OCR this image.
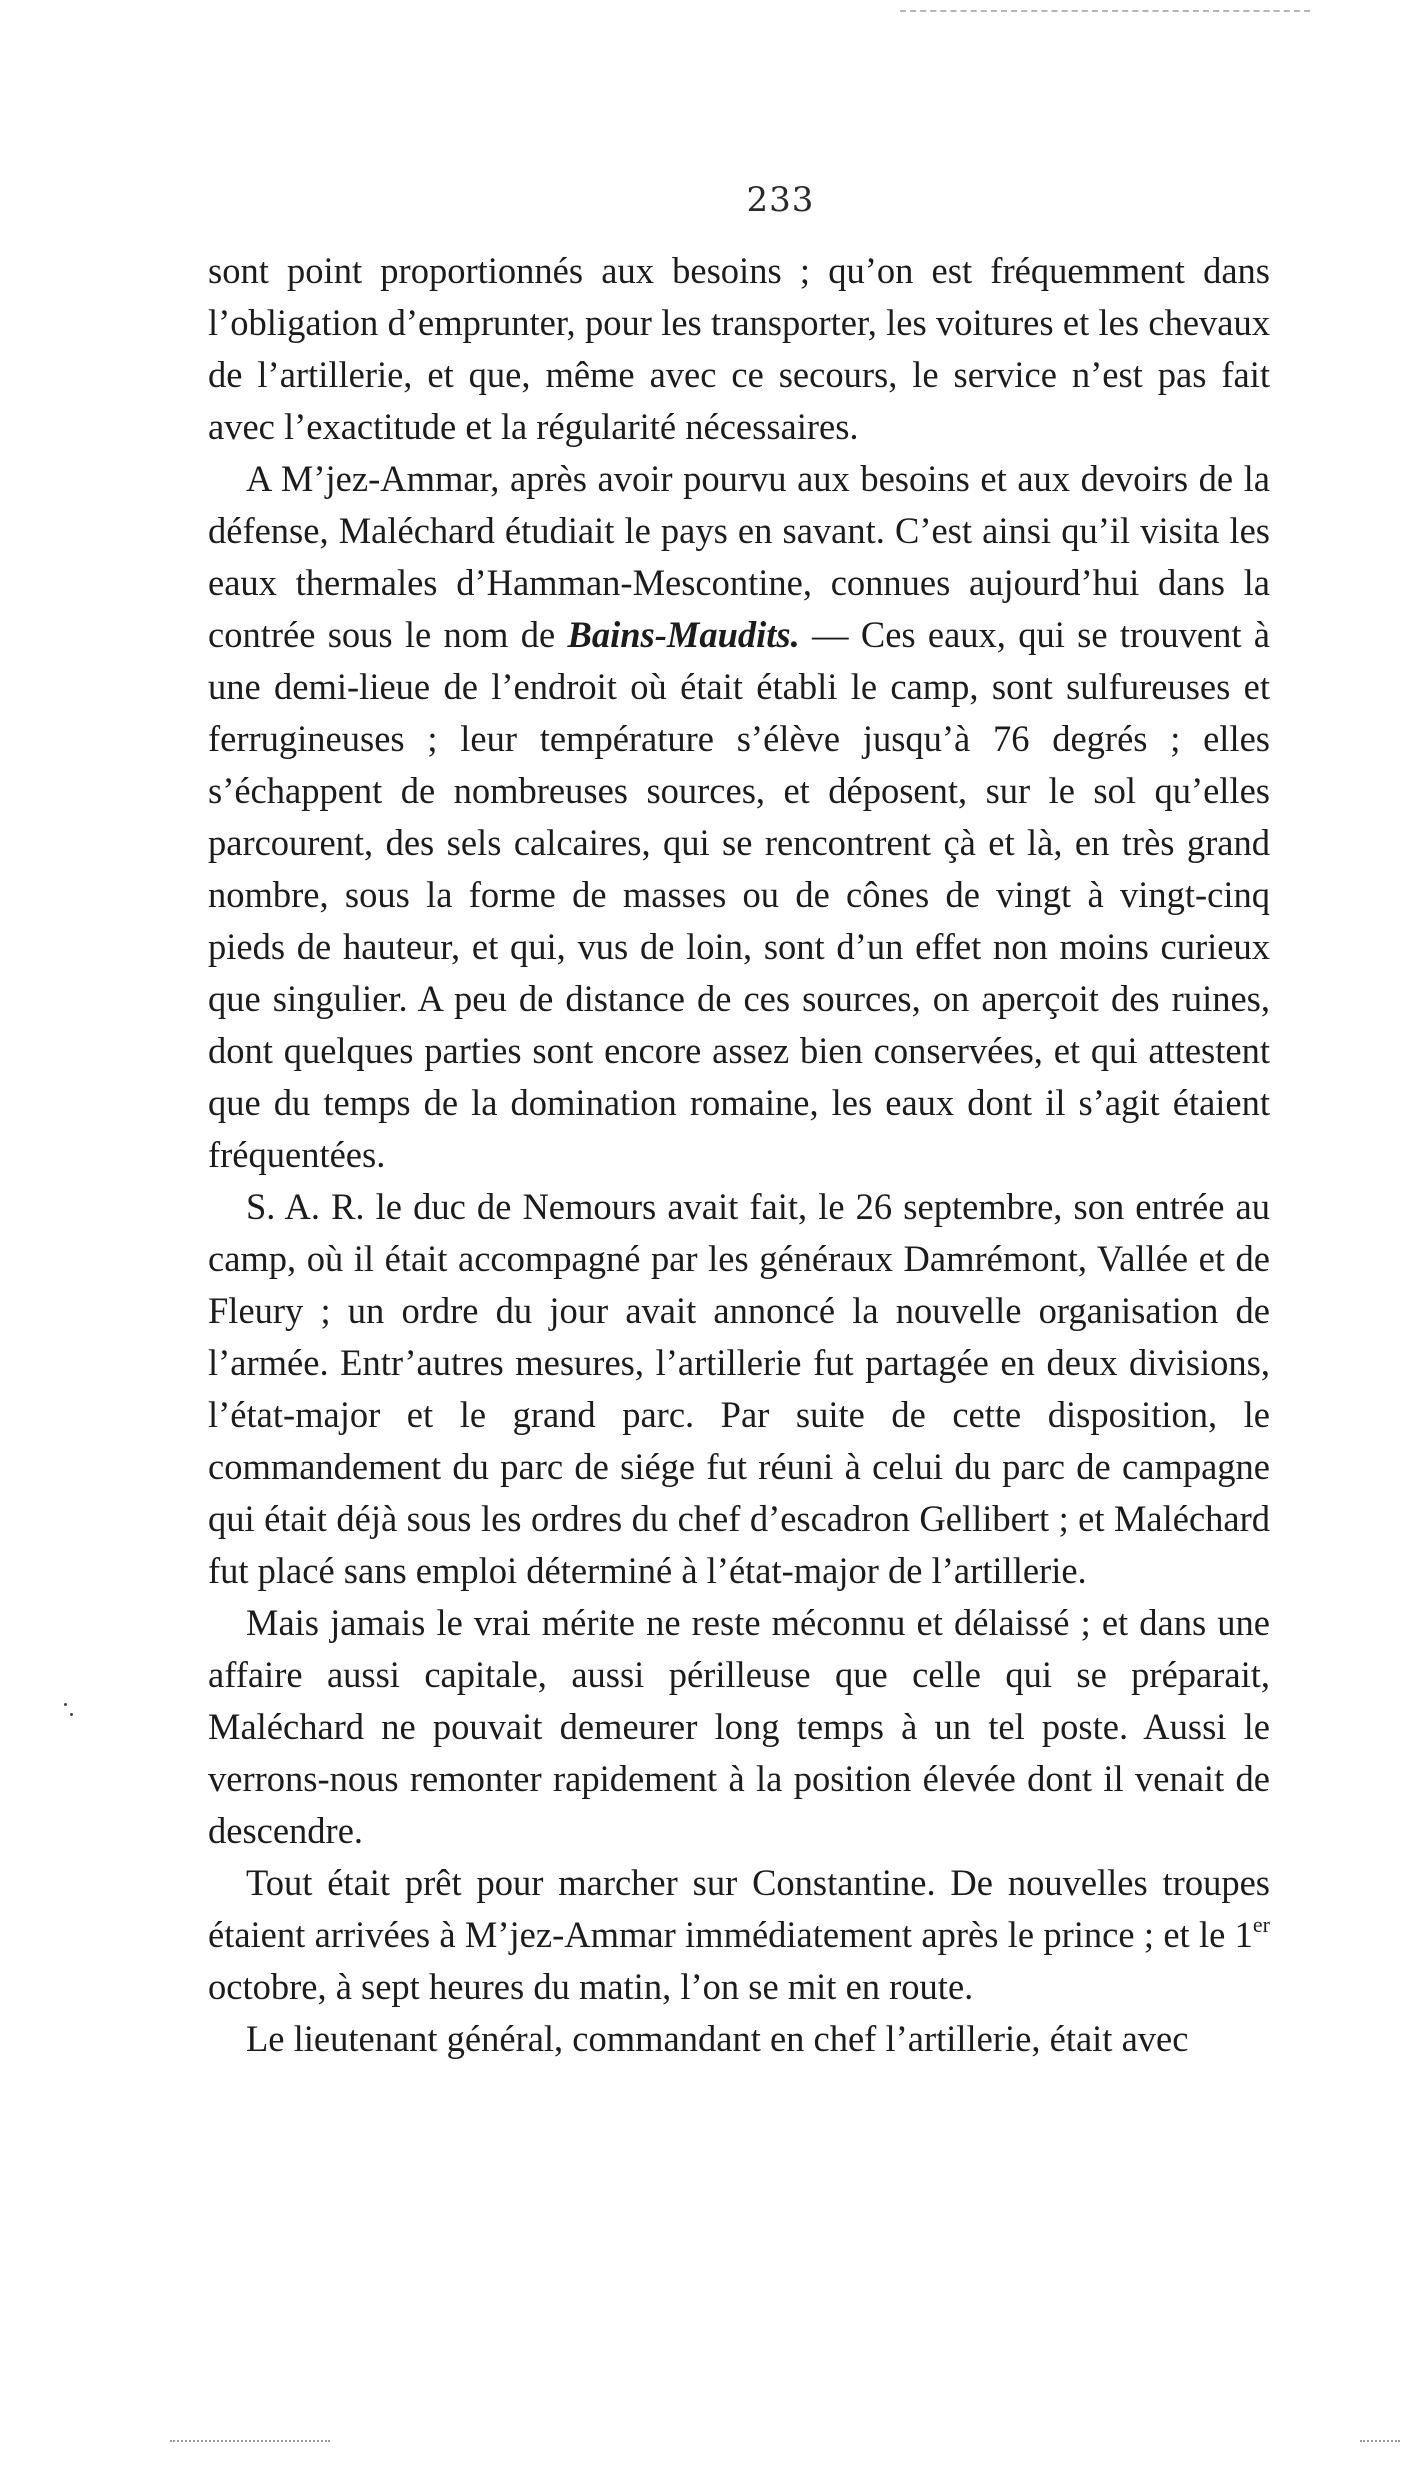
233

sont point proportionnés aux besoins ; qu’on est fréquemment dans l’obligation d’emprunter, pour les transporter, les voitures et les chevaux de l’artillerie, et que, même avec ce secours, le service n’est pas fait avec l’exactitude et la régularité nécessaires.

A M’jez-Ammar, après avoir pourvu aux besoins et aux devoirs de la défense, Maléchard étudiait le pays en savant. C’est ainsi qu’il visita les eaux thermales d’Hamman-Mescontine, connues aujourd’hui dans la contrée sous le nom de Bains-Maudits. — Ces eaux, qui se trouvent à une demi-lieue de l’endroit où était établi le camp, sont sulfureuses et ferrugineuses ; leur température s’élève jusqu’à 76 degrés ; elles s’échappent de nombreuses sources, et déposent, sur le sol qu’elles parcourent, des sels calcaires, qui se rencontrent çà et là, en très grand nombre, sous la forme de masses ou de cônes de vingt à vingt-cinq pieds de hauteur, et qui, vus de loin, sont d’un effet non moins curieux que singulier. A peu de distance de ces sources, on aperçoit des ruines, dont quelques parties sont encore assez bien conservées, et qui attestent que du temps de la domination romaine, les eaux dont il s’agit étaient fréquentées.

S. A. R. le duc de Nemours avait fait, le 26 septembre, son entrée au camp, où il était accompagné par les généraux Damrémont, Vallée et de Fleury ; un ordre du jour avait annoncé la nouvelle organisation de l’armée. Entr’autres mesures, l’artillerie fut partagée en deux divisions, l’état-major et le grand parc. Par suite de cette disposition, le commandement du parc de siége fut réuni à celui du parc de campagne qui était déjà sous les ordres du chef d’escadron Gellibert ; et Maléchard fut placé sans emploi déterminé à l’état-major de l’artillerie.

Mais jamais le vrai mérite ne reste méconnu et délaissé ; et dans une affaire aussi capitale, aussi périlleuse que celle qui se préparait, Maléchard ne pouvait demeurer long temps à un tel poste. Aussi le verrons-nous remonter rapidement à la position élevée dont il venait de descendre.

Tout était prêt pour marcher sur Constantine. De nouvelles troupes étaient arrivées à M’jez-Ammar immédiatement après le prince ; et le 1er octobre, à sept heures du matin, l’on se mit en route.

Le lieutenant général, commandant en chef l’artillerie, était avec
